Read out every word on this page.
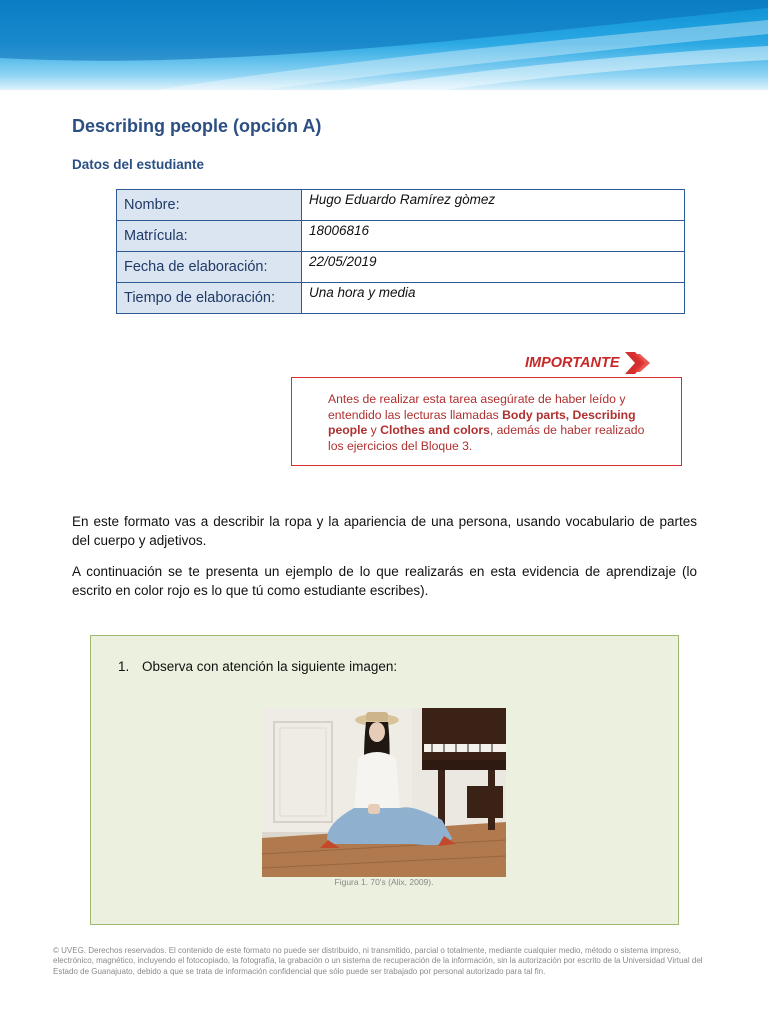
Describing people (opción A)
Datos del estudiante
Nombre:	Hugo Eduardo Ramírez gòmez
Matrícula:	18006816
Fecha de elaboración:	22/05/2019
Tiempo de elaboración:	Una hora y media
IMPORTANTE
Antes de realizar esta tarea asegúrate de haber leído y entendido las lecturas llamadas Body parts, Describing people y Clothes and colors, además de haber realizado los ejercicios del Bloque 3.

En este formato vas a describir la ropa y la apariencia de una persona, usando vocabulario de partes del cuerpo y adjetivos.

A continuación se te presenta un ejemplo de lo que realizarás en esta evidencia de aprendizaje (lo escrito en color rojo es lo que tú como estudiante escribes).

1. Observa con atención la siguiente imagen:
Figura 1. 70's (Alix, 2009).

© UVEG. Derechos reservados. El contenido de este formato no puede ser distribuido, ni transmitido, parcial o totalmente, mediante cualquier medio, método o sistema impreso, electrónico, magnético, incluyendo el fotocopiado, la fotografía, la grabación o un sistema de recuperación de la información, sin la autorización por escrito de la Universidad Virtual del Estado de Guanajuato, debido a que se trata de información confidencial que sólo puede ser trabajado por personal autorizado para tal fin.
